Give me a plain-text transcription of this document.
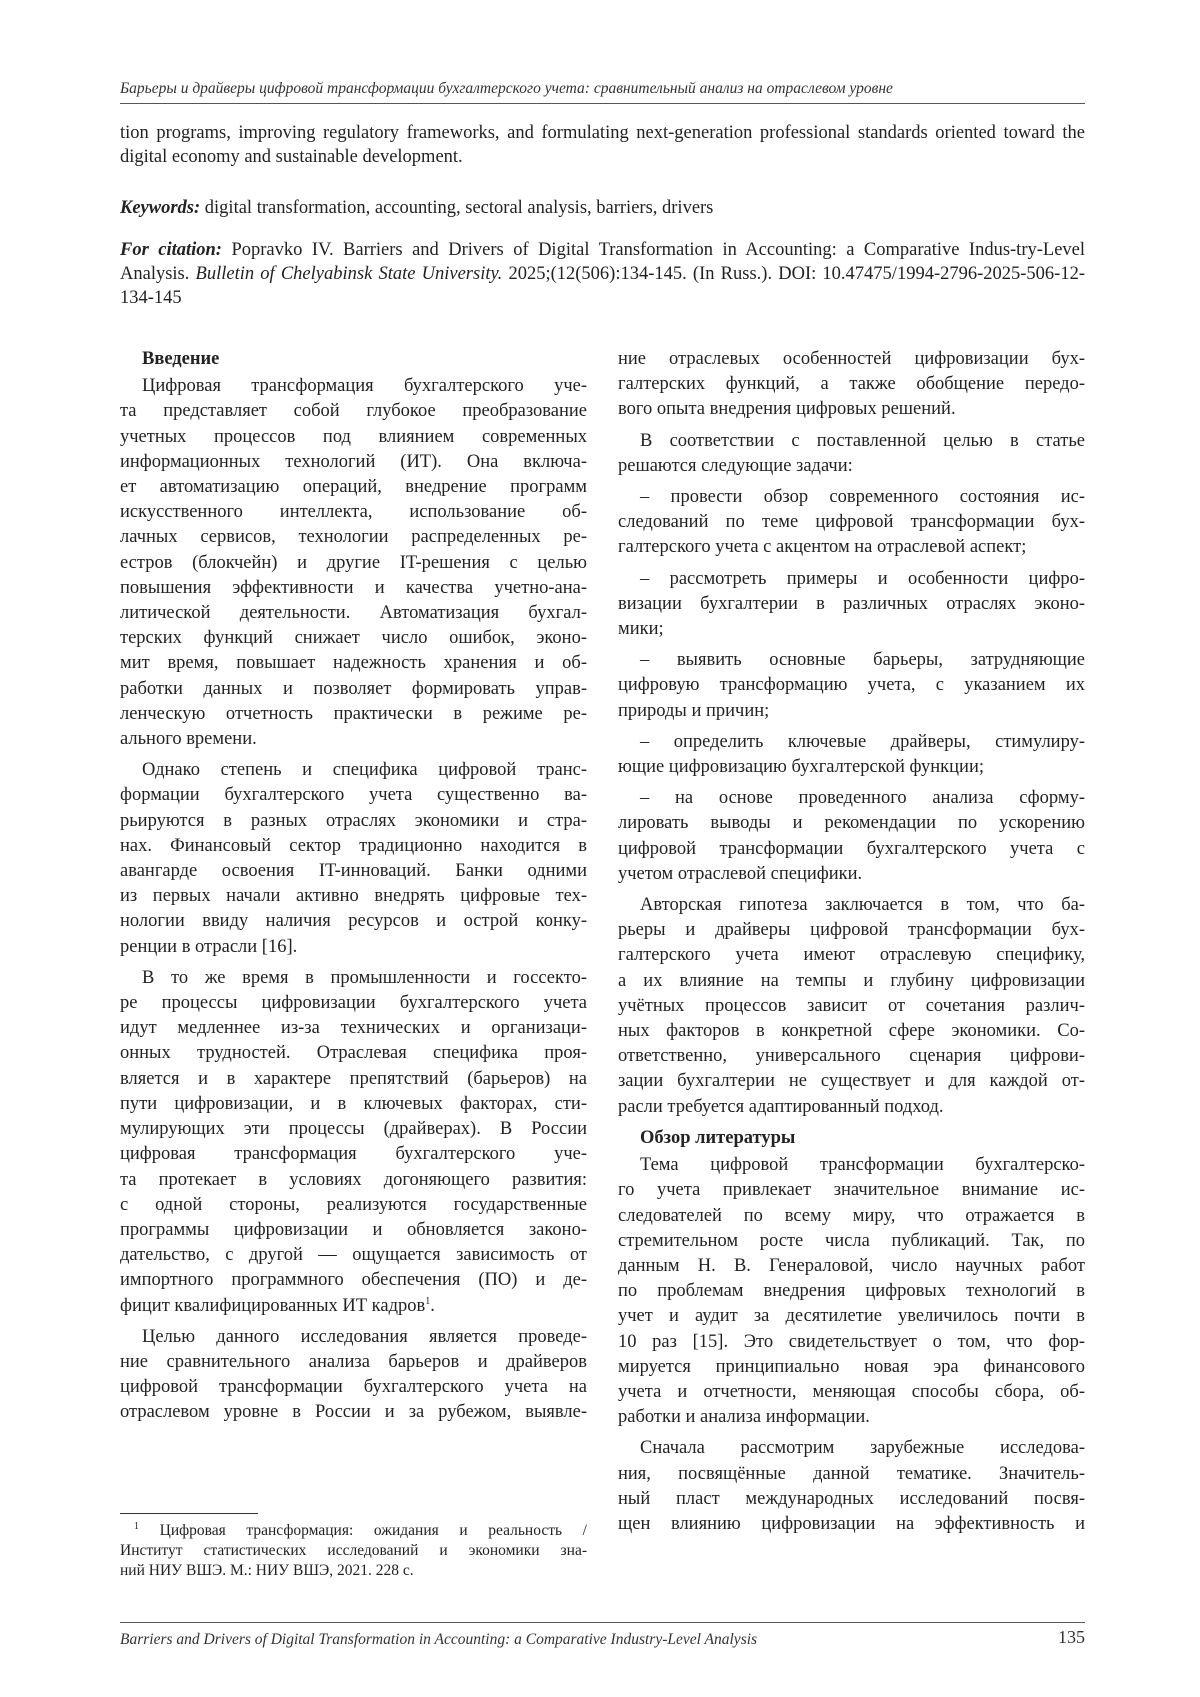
Барьеры и драйверы цифровой трансформации бухгалтерского учета: сравнительный анализ на отраслевом уровне

tion programs, improving regulatory frameworks, and formulating next-generation professional standards oriented toward the digital economy and sustainable development.

Keywords: digital transformation, accounting, sectoral analysis, barriers, drivers

For citation: Popravko IV. Barriers and Drivers of Digital Transformation in Accounting: a Comparative Indus-try-Level Analysis. Bulletin of Chelyabinsk State University. 2025;(12(506):134-145. (In Russ.). DOI: 10.47475/1994-2796-2025-506-12-134-145

Введение

Цифровая трансформация бухгалтерского уче-
та представляет собой глубокое преобразование
учетных процессов под влиянием современных
информационных технологий (ИТ). Она включа-
ет автоматизацию операций, внедрение программ
искусственного интеллекта, использование об-
лачных сервисов, технологии распределенных ре-
естров (блокчейн) и другие IT-решения с целью
повышения эффективности и качества учетно-ана-
литической деятельности. Автоматизация бухгал-
терских функций снижает число ошибок, эконо-
мит время, повышает надежность хранения и об-
работки данных и позволяет формировать управ-
ленческую отчетность практически в режиме ре-
ального времени.

Однако степень и специфика цифровой транс-
формации бухгалтерского учета существенно ва-
рьируются в разных отраслях экономики и стра-
нах. Финансовый сектор традиционно находится в
авангарде освоения IT-инноваций. Банки одними
из первых начали активно внедрять цифровые тех-
нологии ввиду наличия ресурсов и острой конку-
ренции в отрасли [16].

В то же время в промышленности и госсекто-
ре процессы цифровизации бухгалтерского учета
идут медленнее из-за технических и организаци-
онных трудностей. Отраслевая специфика проя-
вляется и в характере препятствий (барьеров) на
пути цифровизации, и в ключевых факторах, сти-
мулирующих эти процессы (драйверах). В России
цифровая трансформация бухгалтерского уче-
та протекает в условиях догоняющего развития:
с одной стороны, реализуются государственные
программы цифровизации и обновляется законо-
дательство, с другой — ощущается зависимость от
импортного программного обеспечения (ПО) и де-
фицит квалифицированных ИТ кадров$^1$.

Целью данного исследования является проведе-
ние сравнительного анализа барьеров и драйверов
цифровой трансформации бухгалтерского учета на
отраслевом уровне в России и за рубежом, выявле-

$^1$ Цифровая трансформация: ожидания и реальность /
Институт статистических исследований и экономики зна-
ний НИУ ВШЭ. М.: НИУ ВШЭ, 2021. 228 с.

ние отраслевых особенностей цифровизации бух-
галтерских функций, а также обобщение передо-
вого опыта внедрения цифровых решений.

В соответствии с поставленной целью в статье
решаются следующие задачи:

– провести обзор современного состояния ис-
следований по теме цифровой трансформации бух-
галтерского учета с акцентом на отраслевой аспект;

– рассмотреть примеры и особенности цифро-
визации бухгалтерии в различных отраслях эконо-
мики;

– выявить основные барьеры, затрудняющие
цифровую трансформацию учета, с указанием их
природы и причин;

– определить ключевые драйверы, стимулиру-
ющие цифровизацию бухгалтерской функции;

– на основе проведенного анализа сформу-
лировать выводы и рекомендации по ускорению
цифровой трансформации бухгалтерского учета с
учетом отраслевой специфики.

Авторская гипотеза заключается в том, что ба-
рьеры и драйверы цифровой трансформации бух-
галтерского учета имеют отраслевую специфику,
а их влияние на темпы и глубину цифровизации
учётных процессов зависит от сочетания различ-
ных факторов в конкретной сфере экономики. Со-
ответственно, универсального сценария цифрови-
зации бухгалтерии не существует и для каждой от-
расли требуется адаптированный подход.

Обзор литературы

Тема цифровой трансформации бухгалтерско-
го учета привлекает значительное внимание ис-
следователей по всему миру, что отражается в
стремительном росте числа публикаций. Так, по
данным Н. В. Генераловой, число научных работ
по проблемам внедрения цифровых технологий в
учет и аудит за десятилетие увеличилось почти в
10 раз [15]. Это свидетельствует о том, что фор-
мируется принципиально новая эра финансового
учета и отчетности, меняющая способы сбора, об-
работки и анализа информации.

Сначала рассмотрим зарубежные исследова-
ния, посвящённые данной тематике. Значитель-
ный пласт международных исследований посвя-
щен влиянию цифровизации на эффективность и

Barriers and Drivers of Digital Transformation in Accounting: a Comparative Industry-Level Analysis	135
